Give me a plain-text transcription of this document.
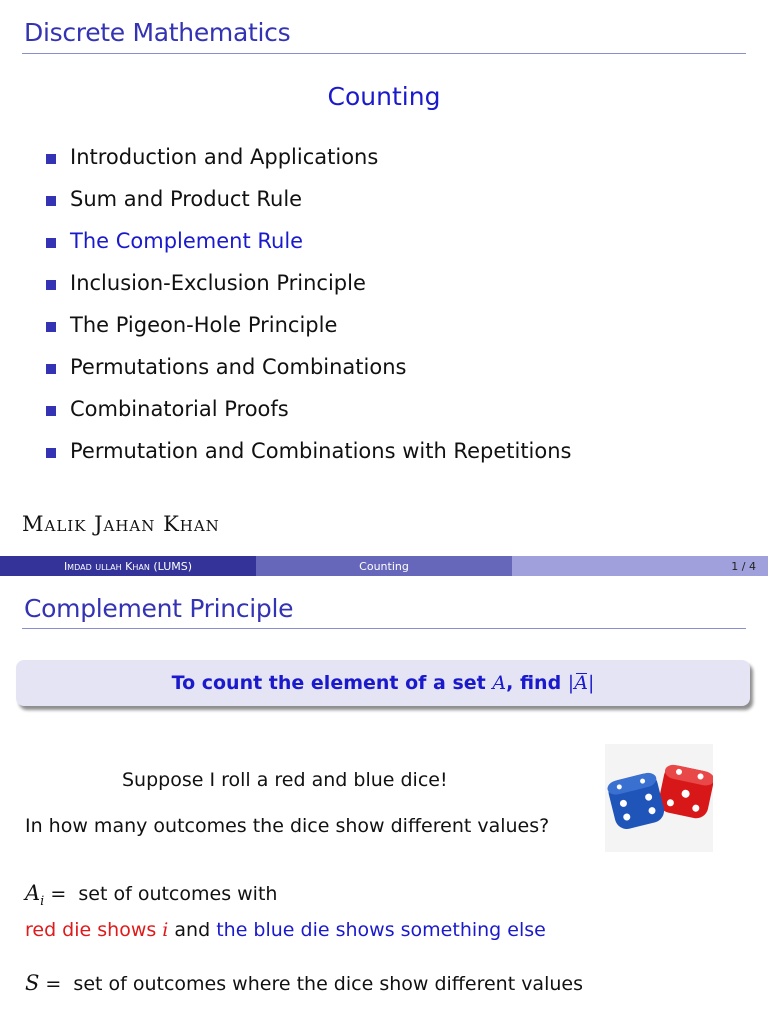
Discrete Mathematics
Counting
Introduction and Applications
Sum and Product Rule
The Complement Rule
Inclusion-Exclusion Principle
The Pigeon-Hole Principle
Permutations and Combinations
Combinatorial Proofs
Permutation and Combinations with Repetitions
Malik Jahan Khan
Imdad ullah Khan (LUMS)	Counting	1 / 4
Complement Principle
To count the element of a set A , find | A |
Suppose I roll a red and blue dice!
In how many outcomes the dice show different values?
$A_i$ =  set of outcomes with
red die shows i and the blue die shows something else
S =  set of outcomes where the dice show different values
